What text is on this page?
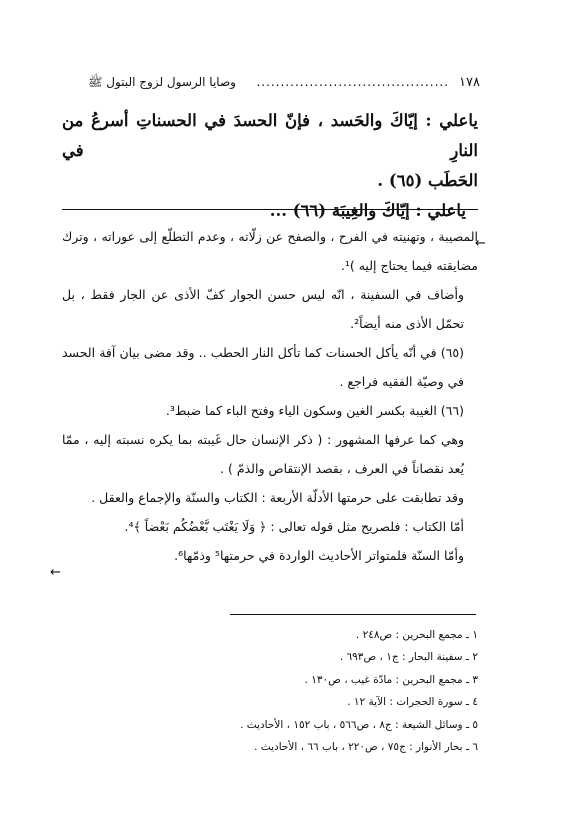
١٧٨
........................................
وصايا الرسول لزوج البتول ﷺ

ياعلي : إيّاكَ والحَسد ، فإنّ الحسدَ في الحسناتِ أسرعُ من النارِ في

الحَطَب (٦٥) .

ياعلي : إيّاكَ والغِيبَة (٦٦) ...

←

المصيبة ، وتهنيته في الفرح ، والصفح عن زلّاته ، وعدم التطلّع إلى عوراته ، وترك مضايقته فيما يحتاج إليه )¹.

وأضاف في السفينة ، انّه ليس حسن الجوار كفّ الأذى عن الجار فقط ، بل تحمّل الأذى منه أيضاً².

(٦٥) في أنّه يأكل الحسنات كما تأكل النار الحطب .. وقد مضى بيان آفة الحسد في وصيّة الفقيه فراجع .

(٦٦) الغيبة بكسر الغين وسكون الياء وفتح الباء كما ضبط³.

وهي كما عرفها المشهور : ( ذكر الإنسان حال غَيبته بما يكره نسبته إليه ، ممّا يُعد نقصاناً في العرف ، بقصد الإنتقاص والذمّ ) .

وقد تطابقت على حرمتها الأدلّة الأربعة : الكتاب والسنّة والإجماع والعقل .

أمّا الكتاب : فلصريح مثل قوله تعالى : ﴿ وَلَا يَغْتَب بَّعْضُكُم بَعْضاً ﴾⁴.

وأمّا السنّة فلمتواتر الأحاديث الواردة في حرمتها⁵ وذمّها⁶.

←

١ ـ مجمع البحرين : ص٢٤٨ .

٢ ـ سفينة البحار : ج١ ، ص٦٩٣ .

٣ ـ مجمع البحرين : مادّة غيب ، ص١٣٠ .

٤ ـ سورة الحجرات : الآية ١٢ .

٥ ـ وسائل الشيعة : ج٨ ، ص٥٦٦ ، باب ١٥٢ ، الأحاديث .

٦ ـ بحار الأنوار : ج٧٥ ، ص٢٢٠ ، باب ٦٦ ، الأحاديث .
